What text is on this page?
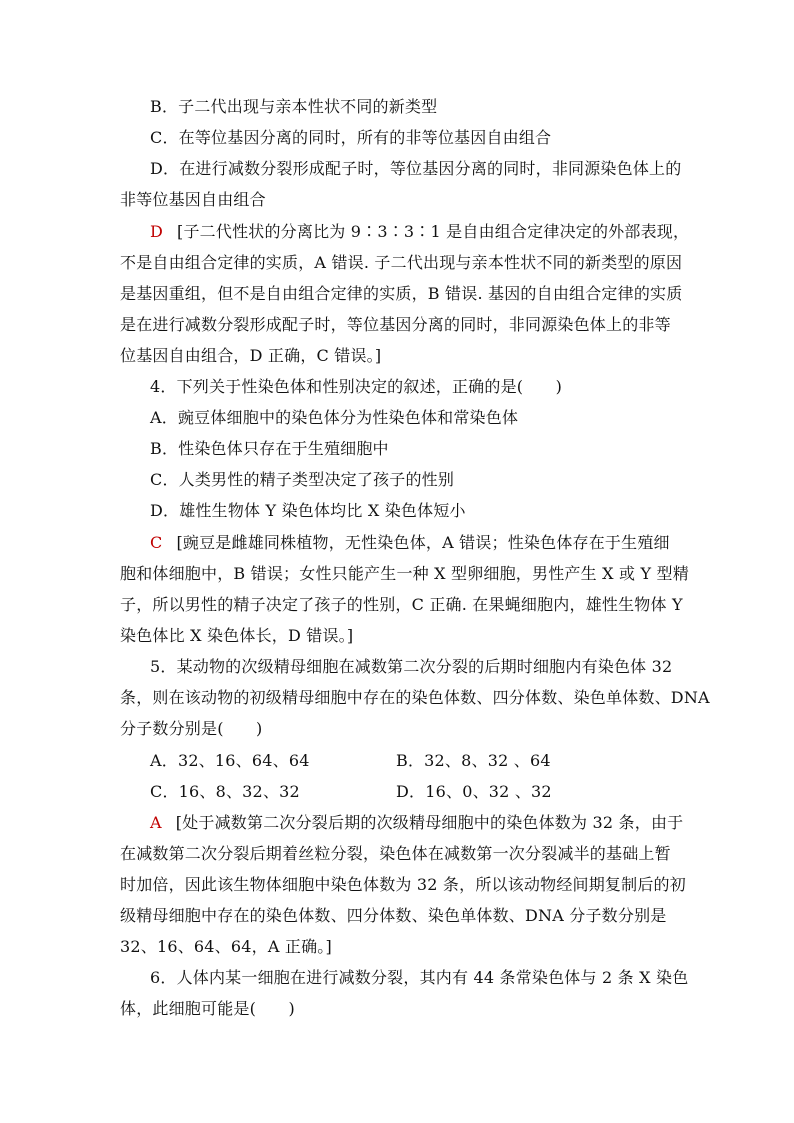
B．子二代出现与亲本性状不同的新类型
C．在等位基因分离的同时，所有的非等位基因自由组合
D．在进行减数分裂形成配子时，等位基因分离的同时，非同源染色体上的
非等位基因自由组合
D [子二代性状的分离比为 9∶3∶3∶1 是自由组合定律决定的外部表现，
不是自由组合定律的实质，A 错误. 子二代出现与亲本性状不同的新类型的原因
是基因重组，但不是自由组合定律的实质，B 错误. 基因的自由组合定律的实质
是在进行减数分裂形成配子时，等位基因分离的同时，非同源染色体上的非等
位基因自由组合，D 正确，C 错误。]
4．下列关于性染色体和性别决定的叙述，正确的是(　　)
A．豌豆体细胞中的染色体分为性染色体和常染色体
B．性染色体只存在于生殖细胞中
C．人类男性的精子类型决定了孩子的性别
D．雄性生物体 Y 染色体均比 X 染色体短小
C [豌豆是雌雄同株植物，无性染色体，A 错误；性染色体存在于生殖细
胞和体细胞中，B 错误；女性只能产生一种 X 型卵细胞，男性产生 X 或 Y 型精
子，所以男性的精子决定了孩子的性别，C 正确. 在果蝇细胞内，雄性生物体 Y
染色体比 X 染色体长，D 错误。]
5．某动物的次级精母细胞在减数第二次分裂的后期时细胞内有染色体 32
条，则在该动物的初级精母细胞中存在的染色体数、四分体数、染色单体数、DNA
分子数分别是(　　)
A．32、16、64、64	B．32、8、32 、64
C．16、8、32、32	D．16、0、32 、32
A [处于减数第二次分裂后期的次级精母细胞中的染色体数为 32 条，由于
在减数第二次分裂后期着丝粒分裂，染色体在减数第一次分裂减半的基础上暂
时加倍，因此该生物体细胞中染色体数为 32 条，所以该动物经间期复制后的初
级精母细胞中存在的染色体数、四分体数、染色单体数、DNA 分子数分别是
32、16、64、64，A 正确。]
6．人体内某一细胞在进行减数分裂，其内有 44 条常染色体与 2 条 X 染色
体，此细胞可能是(　　)
